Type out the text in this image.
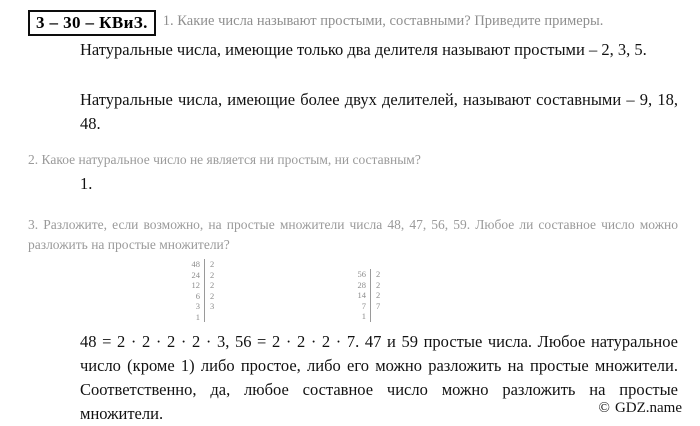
3 – 30 – КВиЗ.	1. Какие числа называют простыми, составными? Приведите примеры.
Натуральные числа, имеющие только два делителя называют простыми – 2, 3, 5.
Натуральные числа, имеющие более двух делителей, называют составными – 9, 18, 48.
2. Какое натуральное число не является ни простым, ни составным?
1.
3. Разложите, если возможно, на простые множители числа 48, 47, 56, 59. Любое ли составное число можно разложить на простые множители?
48	2
24	2
12	2
6	2
3	3
1	
56	2
28	2
14	2
7	7
1	
48 = 2 · 2 · 2 · 2 · 3, 56 = 2 · 2 · 2 · 7. 47 и 59 простые числа. Любое натуральное число (кроме 1) либо простое, либо его можно разложить на простые множители. Соответственно, да, любое составное число можно разложить на простые множители.	© GDZ.name
